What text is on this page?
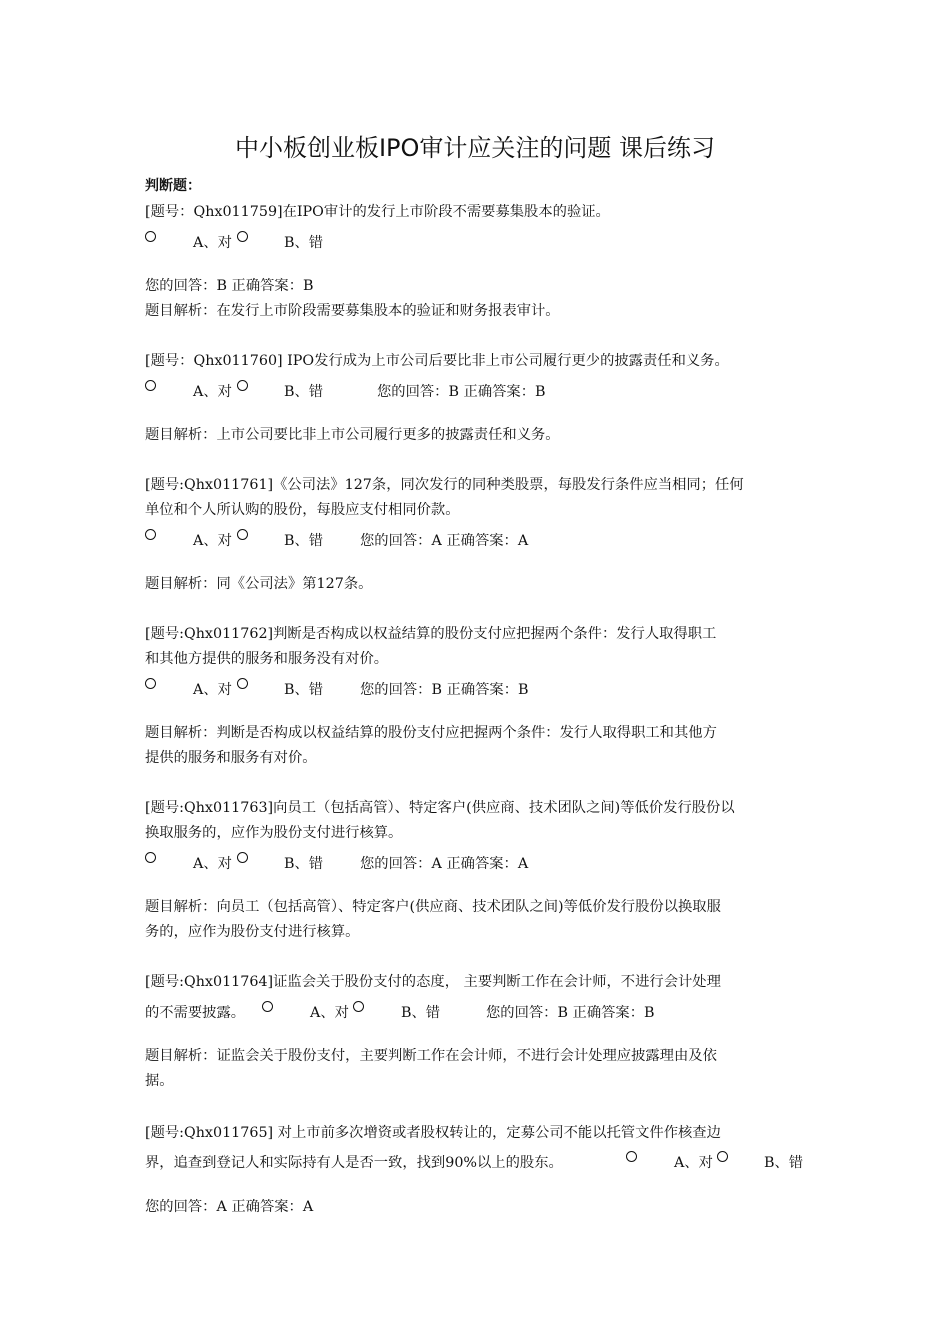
中小板创业板IPO审计应关注的问题 课后练习
判断题：
[题号：Qhx011759]在IPO审计的发行上市阶段不需要募集股本的验证。
A、对	B、错
您的回答：B 正确答案：B
题目解析：在发行上市阶段需要募集股本的验证和财务报表审计。
[题号：Qhx011760] IPO发行成为上市公司后要比非上市公司履行更少的披露责任和义务。
A、对	B、错	您的回答：B 正确答案：B
题目解析：上市公司要比非上市公司履行更多的披露责任和义务。
[题号:Qhx011761]《公司法》127条，同次发行的同种类股票，每股发行条件应当相同；任何
单位和个人所认购的股份，每股应支付相同价款。
A、对	B、错	您的回答：A 正确答案：A
题目解析：同《公司法》第127条。
[题号:Qhx011762]判断是否构成以权益结算的股份支付应把握两个条件：发行人取得职工
和其他方提供的服务和服务没有对价。
A、对	B、错	您的回答：B 正确答案：B
题目解析：判断是否构成以权益结算的股份支付应把握两个条件：发行人取得职工和其他方
提供的服务和服务有对价。
[题号:Qhx011763]向员工（包括高管）、特定客户(供应商、技术团队之间)等低价发行股份以
换取服务的，应作为股份支付进行核算。
A、对	B、错	您的回答：A 正确答案：A
题目解析：向员工（包括高管）、特定客户(供应商、技术团队之间)等低价发行股份以换取服
务的，应作为股份支付进行核算。
[题号:Qhx011764]证监会关于股份支付的态度， 主要判断工作在会计师，不进行会计处理
的不需要披露。	A、对	B、错	您的回答：B 正确答案：B
题目解析：证监会关于股份支付，主要判断工作在会计师，不进行会计处理应披露理由及依
据。
[题号:Qhx011765] 对上市前多次增资或者股权转让的，定募公司不能以托管文件作核查边
界，追查到登记人和实际持有人是否一致，找到90%以上的股东。	A、对	B、错
您的回答：A 正确答案：A
